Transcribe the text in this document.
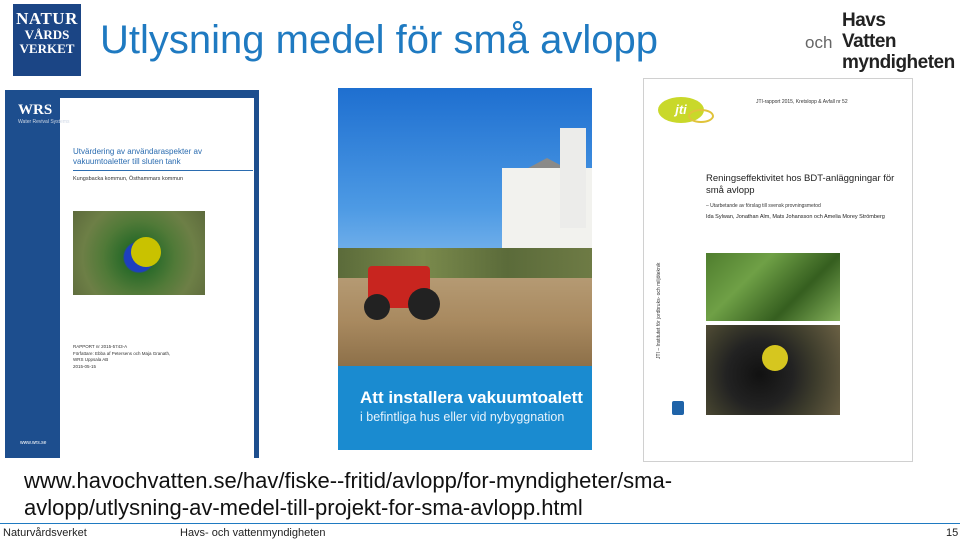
NATUR
VÅRDS
VERKET Utlysning medel för små avlopp	Havs
och Vatten
myndigheten
WRS
Water Revival Systems
Utvärdering av användaraspekter av vakuumtoaletter till sluten tank
Kungsbacka kommun, Östhammars kommun
RAPPORT nr 2015-5743-A
Författare: Ebba af Petersens och Maja Granath,
WRS Uppsala AB
2015-05-15
www.wrs.se
Att installera vakuumtoalett
i befintliga hus eller vid nybyggnation
jti	JTI-rapport 2015, Kretslopp & Avfall nr 52
Reningseffektivitet hos BDT-anläggningar för små avlopp
– Utarbetande av förslag till svensk provningsmetod
Ida Sylwan, Jonathan Alm, Mats Johansson och Amelia Morey Strömberg
JTI – Institutet för jordbruks- och miljöteknik
www.havochvatten.se/hav/fiske--fritid/avlopp/for-myndigheter/sma-
avlopp/utlysning-av-medel-till-projekt-for-sma-avlopp.html
Naturvårdsverket	Havs- och vattenmyndigheten	15
